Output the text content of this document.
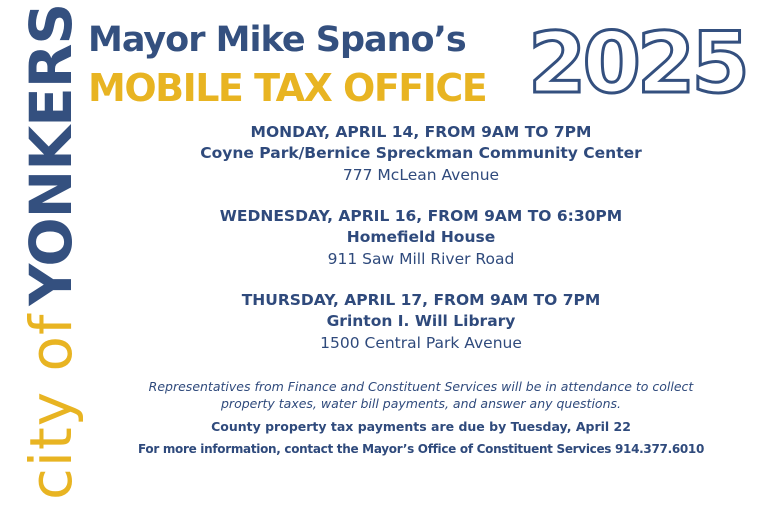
city ofYONKERS Mayor Mike Spano’s
MOBILE TAX OFFICE 2025
MONDAY, APRIL 14, FROM 9AM TO 7PM
Coyne Park/Bernice Spreckman Community Center
777 McLean Avenue
WEDNESDAY, APRIL 16, FROM 9AM TO 6:30PM
Homefield House
911 Saw Mill River Road
THURSDAY, APRIL 17, FROM 9AM TO 7PM
Grinton I. Will Library
1500 Central Park Avenue
Representatives from Finance and Constituent Services will be in attendance to collect
property taxes, water bill payments, and answer any questions.
County property tax payments are due by Tuesday, April 22
For more information, contact the Mayor’s Office of Constituent Services 914.377.6010
